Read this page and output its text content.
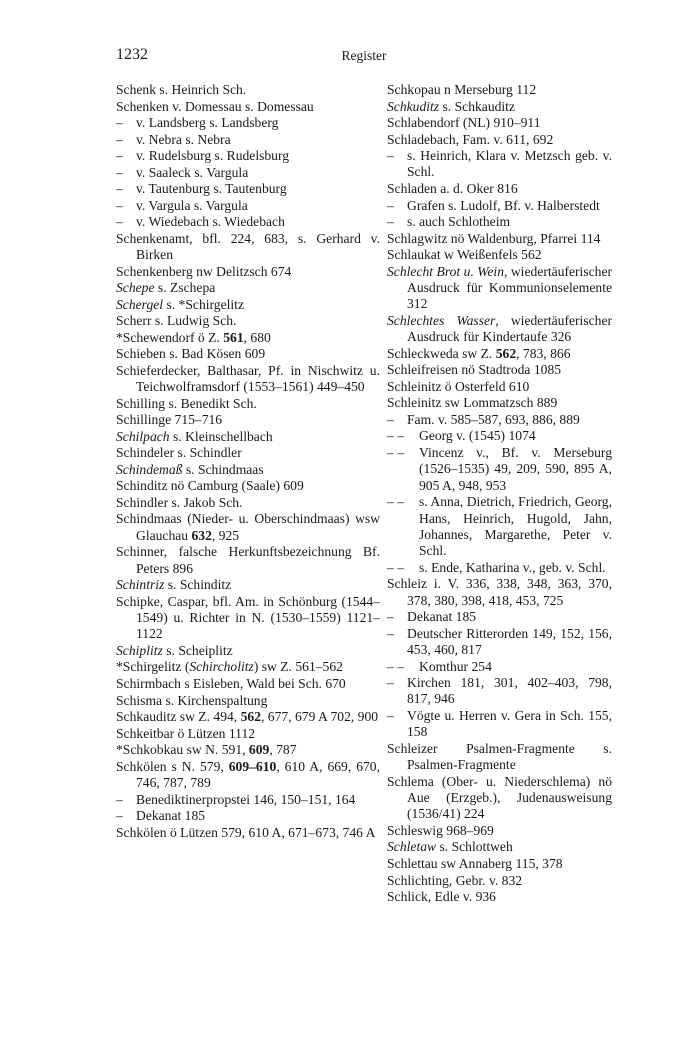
1232	Register
Schenk s. Heinrich Sch.
Schenken v. Domessau s. Domessau
– v. Landsberg s. Landsberg
– v. Nebra s. Nebra
– v. Rudelsburg s. Rudelsburg
– v. Saaleck s. Vargula
– v. Tautenburg s. Tautenburg
– v. Vargula s. Vargula
– v. Wiedebach s. Wiedebach
Schenkenamt, bfl. 224, 683, s. Gerhard v. Birken
Schenkenberg nw Delitzsch 674
Schepe s. Zschepa
Schergel s. *Schirgelitz
Scherr s. Ludwig Sch.
*Schewendorf ö Z. 561, 680
Schieben s. Bad Kösen 609
Schieferdecker, Balthasar, Pf. in Nischwitz u. Teichwolframsdorf (1553–1561) 449–450
Schilling s. Benedikt Sch.
Schillinge 715–716
Schilpach s. Kleinschellbach
Schindeler s. Schindler
Schindemaß s. Schindmaas
Schinditz nö Camburg (Saale) 609
Schindler s. Jakob Sch.
Schindmaas (Nieder- u. Oberschindmaas) wsw Glauchau 632, 925
Schinner, falsche Herkunftsbezeichnung Bf. Peters 896
Schintriz s. Schinditz
Schipke, Caspar, bfl. Am. in Schönburg (1544–1549) u. Richter in N. (1530–1559) 1121–1122
Schiplitz s. Scheiplitz
*Schirgelitz (Schircholitz) sw Z. 561–562
Schirmbach s Eisleben, Wald bei Sch. 670
Schisma s. Kirchenspaltung
Schkauditz sw Z. 494, 562, 677, 679 A 702, 900
Schkeitbar ö Lützen 1112
*Schkobkau sw N. 591, 609, 787
Schkölen s N. 579, 609–610, 610 A, 669, 670, 746, 787, 789
– Benediktinerpropstei 146, 150–151, 164
– Dekanat 185
Schkölen ö Lützen 579, 610 A, 671–673, 746 A
Schkopau n Merseburg 112
Schkuditz s. Schkauditz
Schlabendorf (NL) 910–911
Schladebach, Fam. v. 611, 692
– s. Heinrich, Klara v. Metzsch geb. v. Schl.
Schladen a. d. Oker 816
– Grafen s. Ludolf, Bf. v. Halberstedt
– s. auch Schlotheim
Schlagwitz nö Waldenburg, Pfarrei 114
Schlaukat w Weißenfels 562
Schlecht Brot u. Wein, wiedertäuferischer Ausdruck für Kommunionselemente 312
Schlechtes Wasser, wiedertäuferischer Ausdruck für Kindertaufe 326
Schleckweda sw Z. 562, 783, 866
Schleifreisen nö Stadtroda 1085
Schleinitz ö Osterfeld 610
Schleinitz sw Lommatzsch 889
– Fam. v. 585–587, 693, 886, 889
– – Georg v. (1545) 1074
– – Vincenz v., Bf. v. Merseburg (1526–1535) 49, 209, 590, 895 A, 905 A, 948, 953
– – s. Anna, Dietrich, Friedrich, Georg, Hans, Heinrich, Hugold, Jahn, Johannes, Margarethe, Peter v. Schl.
– – s. Ende, Katharina v., geb. v. Schl.
Schleiz i. V. 336, 338, 348, 363, 370, 378, 380, 398, 418, 453, 725
– Dekanat 185
– Deutscher Ritterorden 149, 152, 156, 453, 460, 817
– – Komthur 254
– Kirchen 181, 301, 402–403, 798, 817, 946
– Vögte u. Herren v. Gera in Sch. 155, 158
Schleizer Psalmen-Fragmente s. Psalmen-Fragmente
Schlema (Ober- u. Niederschlema) nö Aue (Erzgeb.), Judenausweisung (1536/41) 224
Schleswig 968–969
Schletaw s. Schlottweh
Schlettau sw Annaberg 115, 378
Schlichting, Gebr. v. 832
Schlick, Edle v. 936
